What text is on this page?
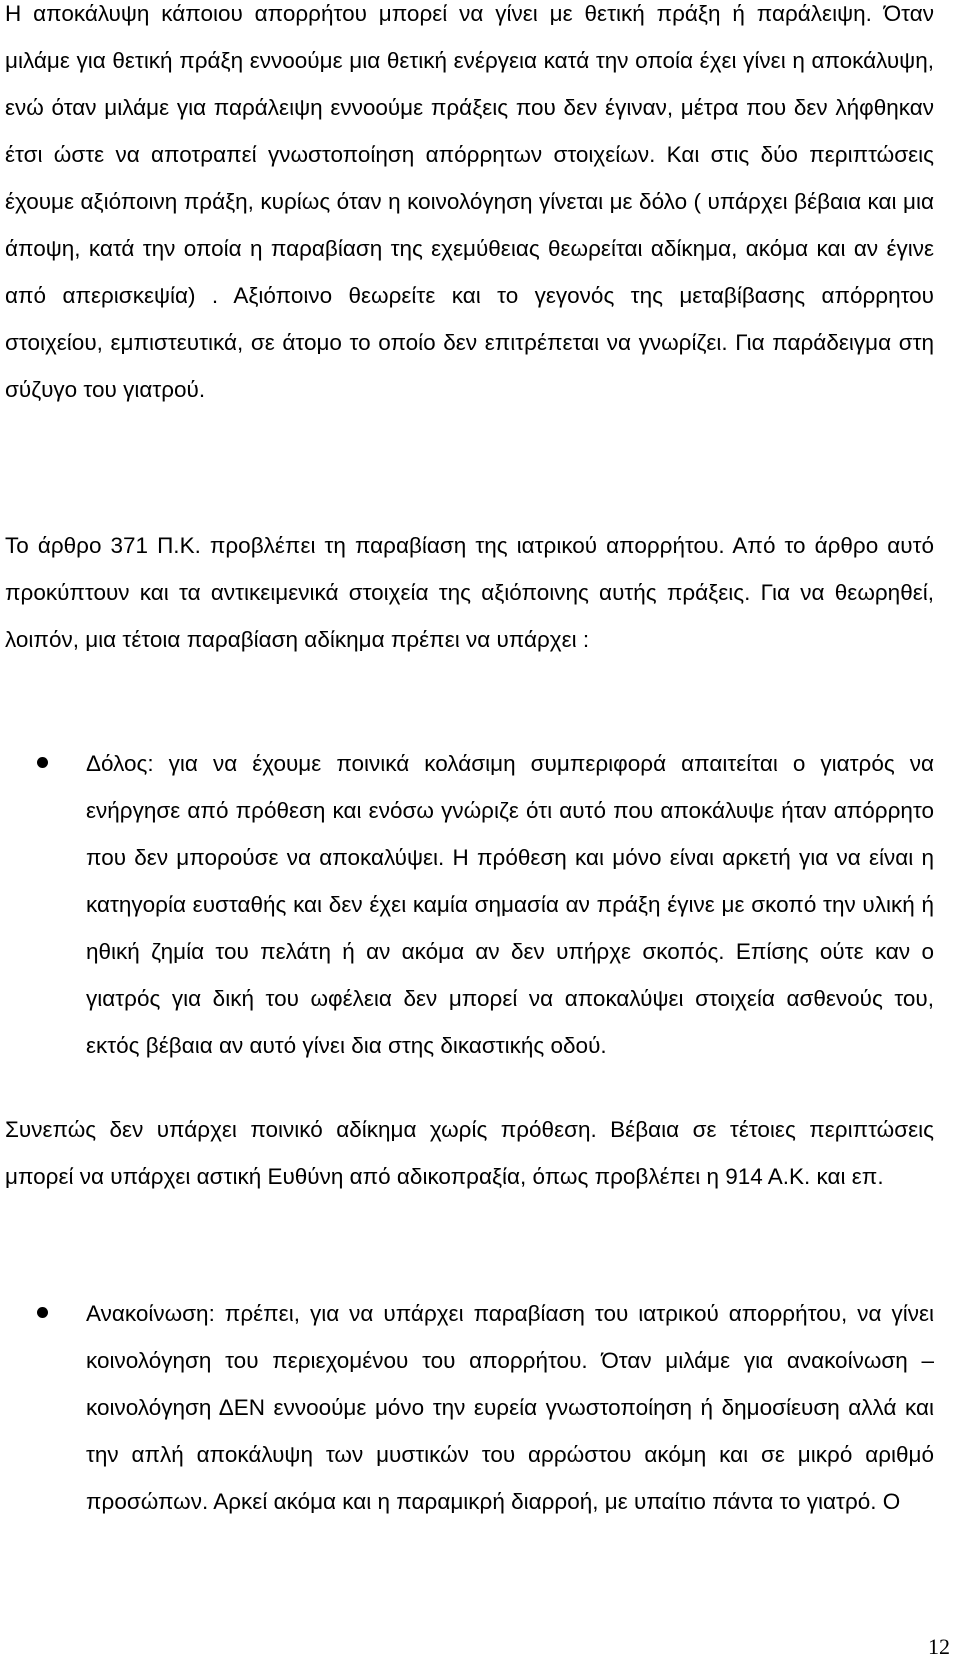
Η αποκάλυψη κάποιου απορρήτου μπορεί να γίνει με θετική πράξη ή παράλειψη. Όταν μιλάμε για θετική πράξη εννοούμε μια θετική ενέργεια κατά την οποία έχει γίνει η αποκάλυψη, ενώ όταν μιλάμε για παράλειψη εννοούμε πράξεις που δεν έγιναν, μέτρα που δεν λήφθηκαν έτσι ώστε να αποτραπεί γνωστοποίηση απόρρητων στοιχείων. Και στις δύο περιπτώσεις έχουμε αξιόποινη πράξη, κυρίως όταν η κοινολόγηση γίνεται με δόλο ( υπάρχει βέβαια και μια άποψη, κατά την οποία η παραβίαση της εχεμύθειας θεωρείται αδίκημα, ακόμα και αν έγινε από απερισκεψία) . Αξιόποινο θεωρείτε και το γεγονός της μεταβίβασης απόρρητου στοιχείου, εμπιστευτικά, σε άτομο το οποίο δεν επιτρέπεται να γνωρίζει. Για παράδειγμα στη σύζυγο του γιατρού.

Το άρθρο 371 Π.Κ. προβλέπει τη παραβίαση της ιατρικού απορρήτου. Από το άρθρο αυτό προκύπτουν και τα αντικειμενικά στοιχεία της αξιόποινης αυτής πράξεις. Για να θεωρηθεί, λοιπόν, μια τέτοια παραβίαση αδίκημα πρέπει να υπάρχει :

Δόλος: για να έχουμε ποινικά κολάσιμη συμπεριφορά απαιτείται ο γιατρός να ενήργησε από πρόθεση και ενόσω γνώριζε ότι αυτό που αποκάλυψε ήταν απόρρητο που δεν μπορούσε να αποκαλύψει. Η πρόθεση και μόνο είναι αρκετή για να είναι η κατηγορία ευσταθής και δεν έχει καμία σημασία αν πράξη έγινε με σκοπό την υλική ή ηθική ζημία του πελάτη ή αν ακόμα αν δεν υπήρχε σκοπός. Επίσης ούτε καν ο γιατρός για δική του ωφέλεια δεν μπορεί να αποκαλύψει στοιχεία ασθενούς του, εκτός βέβαια αν αυτό γίνει δια στης δικαστικής οδού.

Συνεπώς δεν υπάρχει ποινικό αδίκημα χωρίς πρόθεση. Βέβαια σε τέτοιες περιπτώσεις μπορεί να υπάρχει αστική Ευθύνη από αδικοπραξία, όπως προβλέπει η 914 Α.Κ. και επ.

Ανακοίνωση: πρέπει, για να υπάρχει παραβίαση του ιατρικού απορρήτου, να γίνει κοινολόγηση του περιεχομένου του απορρήτου. Όταν μιλάμε για ανακοίνωση – κοινολόγηση ΔΕΝ εννοούμε μόνο την ευρεία γνωστοποίηση ή δημοσίευση αλλά και την απλή αποκάλυψη των μυστικών του αρρώστου ακόμη και σε μικρό αριθμό προσώπων. Αρκεί ακόμα και η παραμικρή διαρροή, με υπαίτιο πάντα το γιατρό. Ο

12
